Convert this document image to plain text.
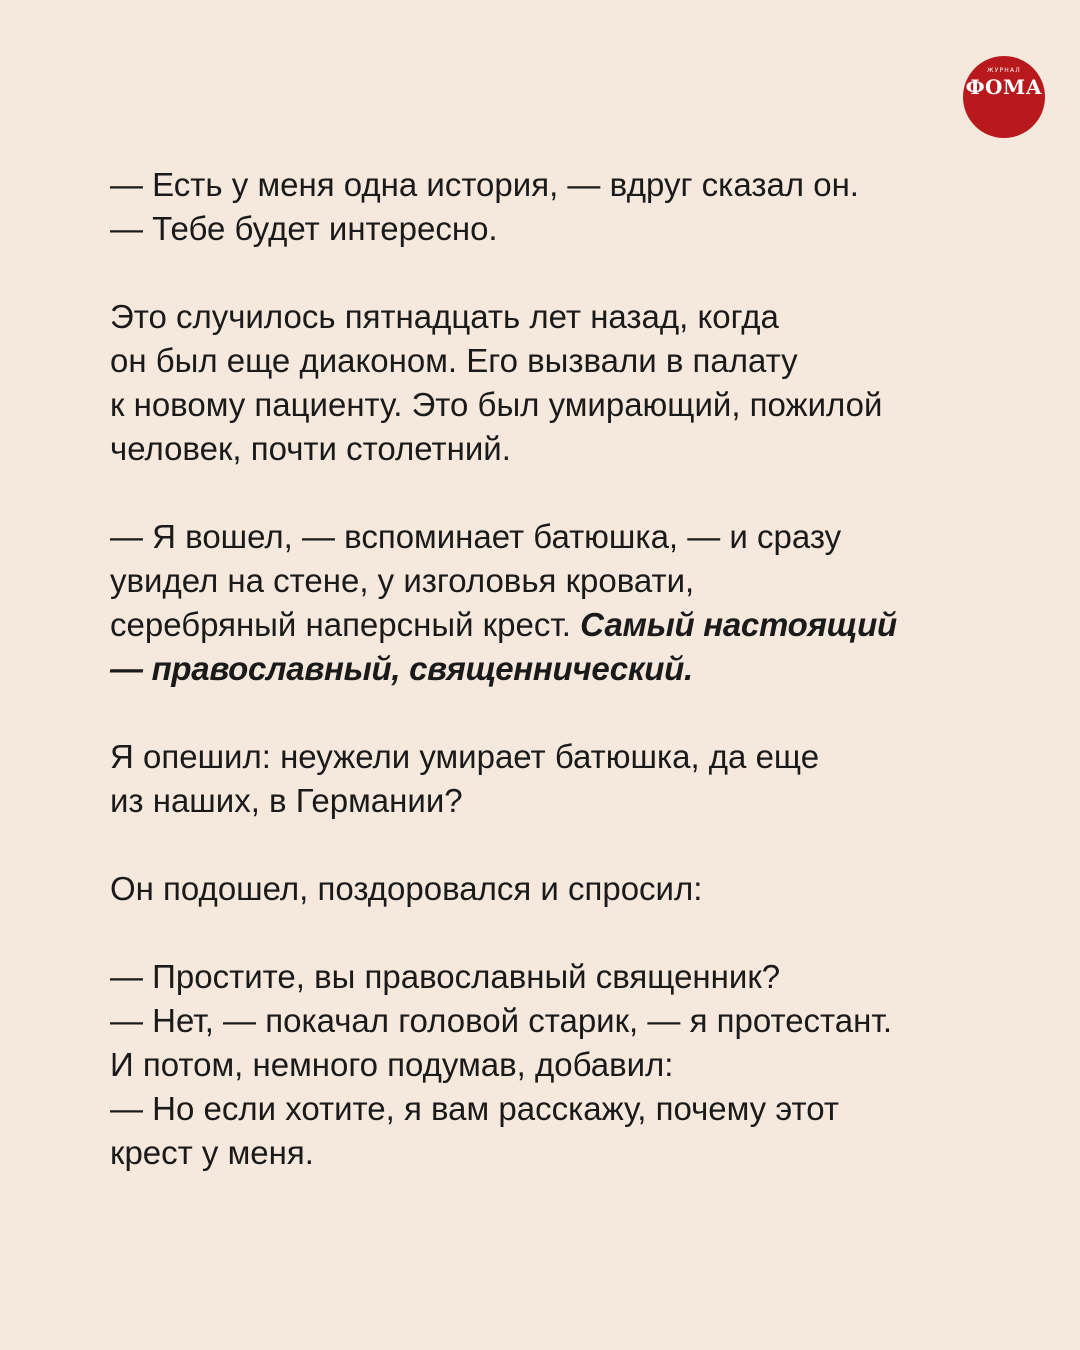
ЖУРНАЛ
ФОМА

— Есть у меня одна история, — вдруг сказал он.
— Тебе будет интересно.

Это случилось пятнадцать лет назад, когда
он был еще диаконом. Его вызвали в палату
к новому пациенту. Это был умирающий, пожилой
человек, почти столетний.

— Я вошел, — вспоминает батюшка, — и сразу
увидел на стене, у изголовья кровати,
серебряный наперсный крест. Самый настоящий
— православный, священнический.

Я опешил: неужели умирает батюшка, да еще
из наших, в Германии?

Он подошел, поздоровался и спросил:

— Простите, вы православный священник?
— Нет, — покачал головой старик, — я протестант.
И потом, немного подумав, добавил:
— Но если хотите, я вам расскажу, почему этот
крест у меня.
